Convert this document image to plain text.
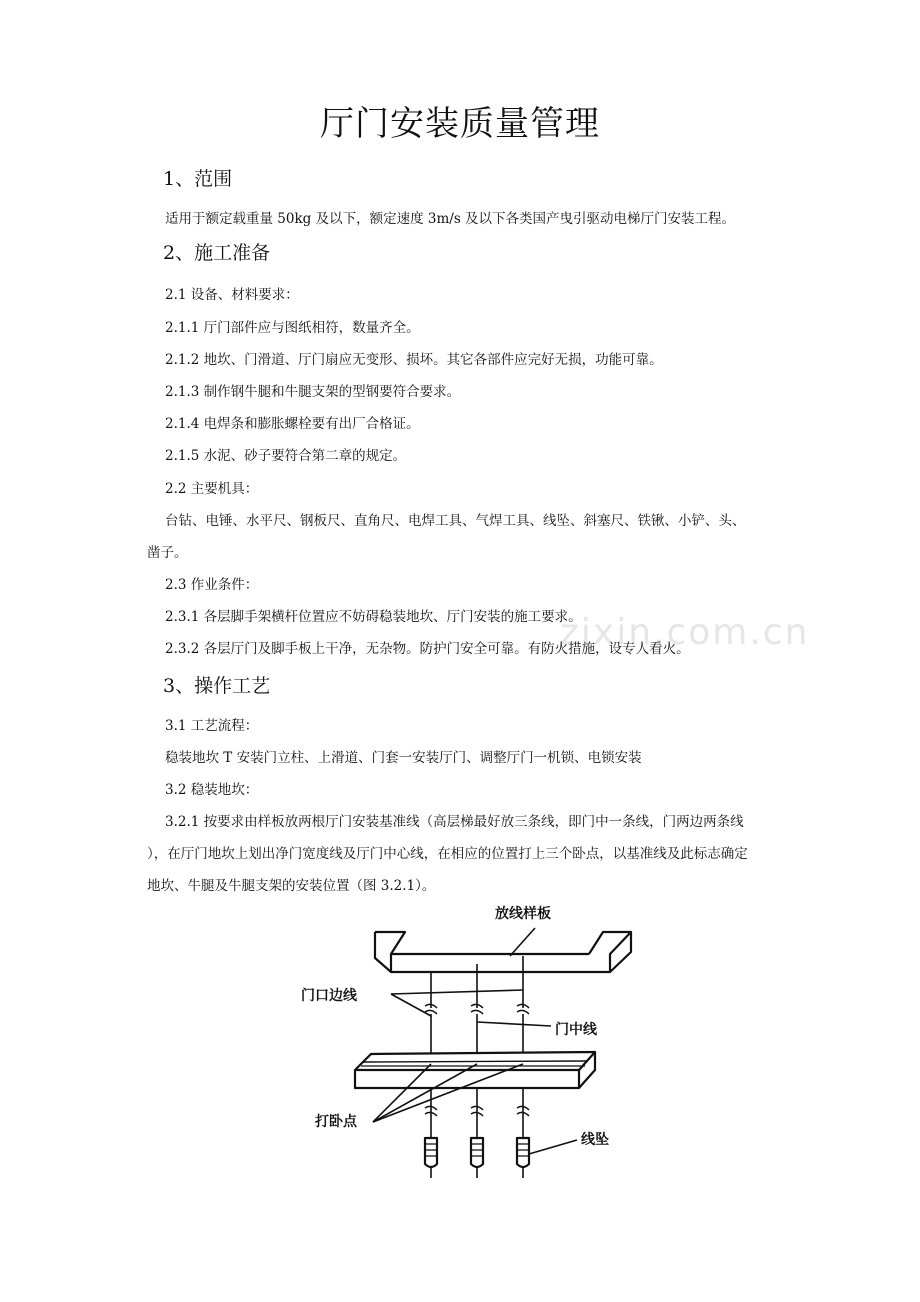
zixin.com.cn
厅门安装质量管理
1、范围

适用于额定载重量 50kg 及以下，额定速度 3m/s 及以下各类国产曳引驱动电梯厅门安装工程。

2、施工准备

2.1 设备、材料要求：

2.1.1 厅门部件应与图纸相符，数量齐全。

2.1.2 地坎、门滑道、厅门扇应无变形、损坏。其它各部件应完好无损，功能可靠。

2.1.3 制作钢牛腿和牛腿支架的型钢要符合要求。

2.1.4 电焊条和膨胀螺栓要有出厂合格证。

2.1.5 水泥、砂子要符合第二章的规定。

2.2 主要机具：

台钻、电锤、水平尺、钢板尺、直角尺、电焊工具、气焊工具、线坠、斜塞尺、铁锹、小铲、头、

凿子。

2.3 作业条件：

2.3.1 各层脚手架横杆位置应不妨碍稳装地坎、厅门安装的施工要求。

2.3.2 各层厅门及脚手板上干净，无杂物。防护门安全可靠。有防火措施，设专人看火。

3、操作工艺

3.1 工艺流程：

稳装地坎 T 安装门立柱、上滑道、门套一安装厅门、调整厅门一机锁、电锁安装

3.2 稳装地坎：

3.2.1 按要求由样板放两根厅门安装基准线（高层梯最好放三条线，即门中一条线，门两边两条线

），在厅门地坎上划出净门宽度线及厅门中心线，在相应的位置打上三个卧点，以基准线及此标志确定

地坎、牛腿及牛腿支架的安装位置（图 3.2.1）。

放线样板
门口边线
门中线
打卧点
线坠
